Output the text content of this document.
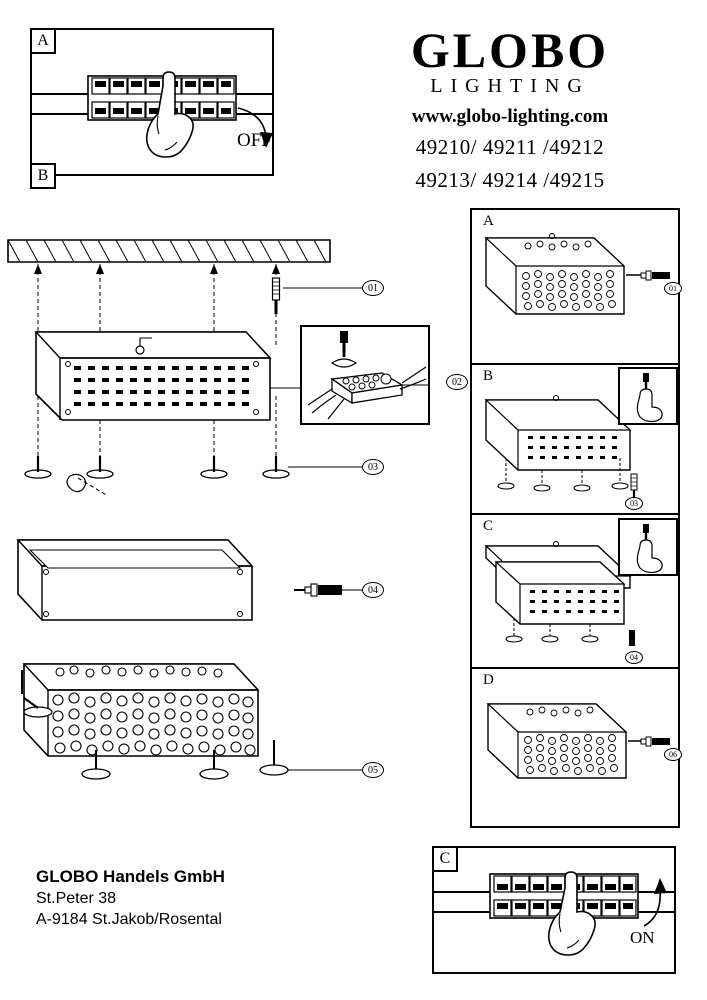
GLOBO
LIGHTING
www.globo-lighting.com
49210/ 49211 /49212
49213/ 49214 /49215
OFF
A
B
01
02
03
04
05
A
B
C
D
01
03
04
06
ON
C
GLOBO Handels GmbH
St.Peter 38
A-9184 St.Jakob/Rosental
